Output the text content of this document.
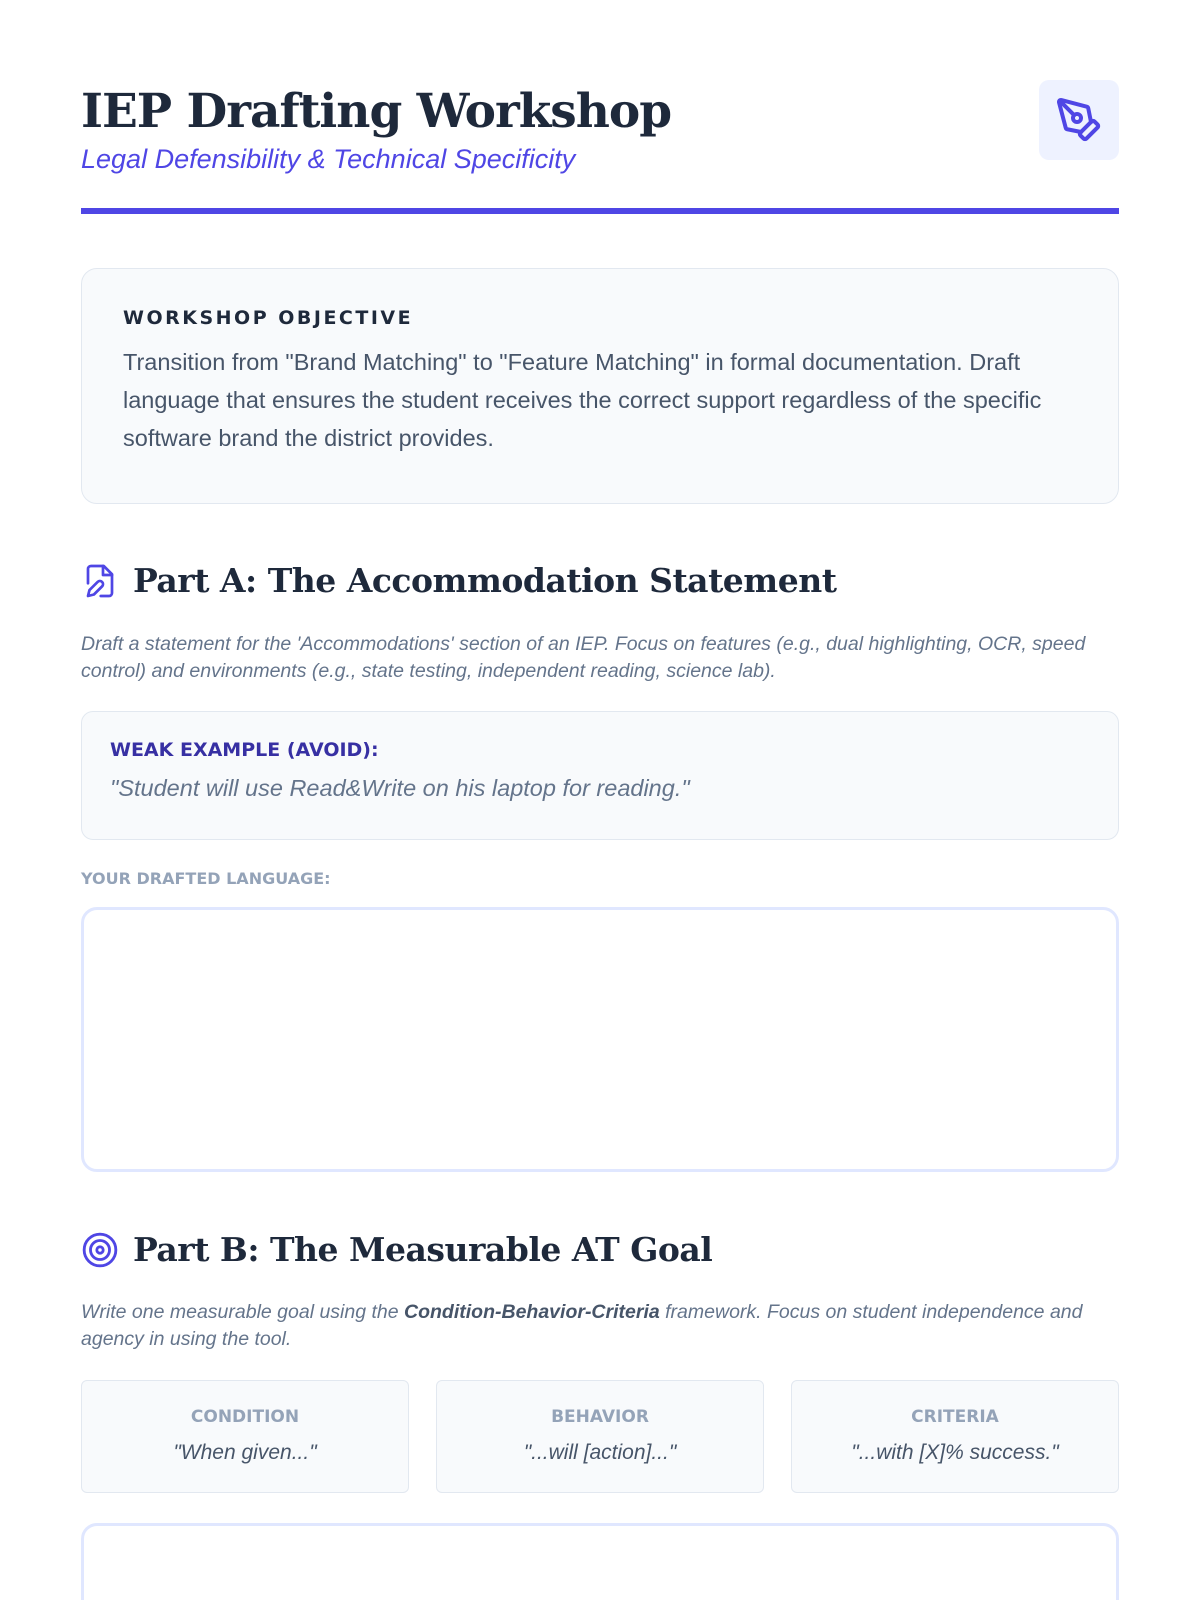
IEP Drafting Workshop
Legal Defensibility & Technical Specificity
WORKSHOP OBJECTIVE
Transition from "Brand Matching" to "Feature Matching" in formal documentation. Draft language that ensures the student receives the correct support regardless of the specific software brand the district provides.
Part A: The Accommodation Statement
Draft a statement for the 'Accommodations' section of an IEP. Focus on features (e.g., dual highlighting, OCR, speed control) and environments (e.g., state testing, independent reading, science lab).
WEAK EXAMPLE (AVOID):
"Student will use Read&Write on his laptop for reading."
YOUR DRAFTED LANGUAGE:
Part B: The Measurable AT Goal
Write one measurable goal using the Condition-Behavior-Criteria framework. Focus on student independence and agency in using the tool.
CONDITION
"When given..."
BEHAVIOR
"...will [action]..."
CRITERIA
"...with [X]% success."
